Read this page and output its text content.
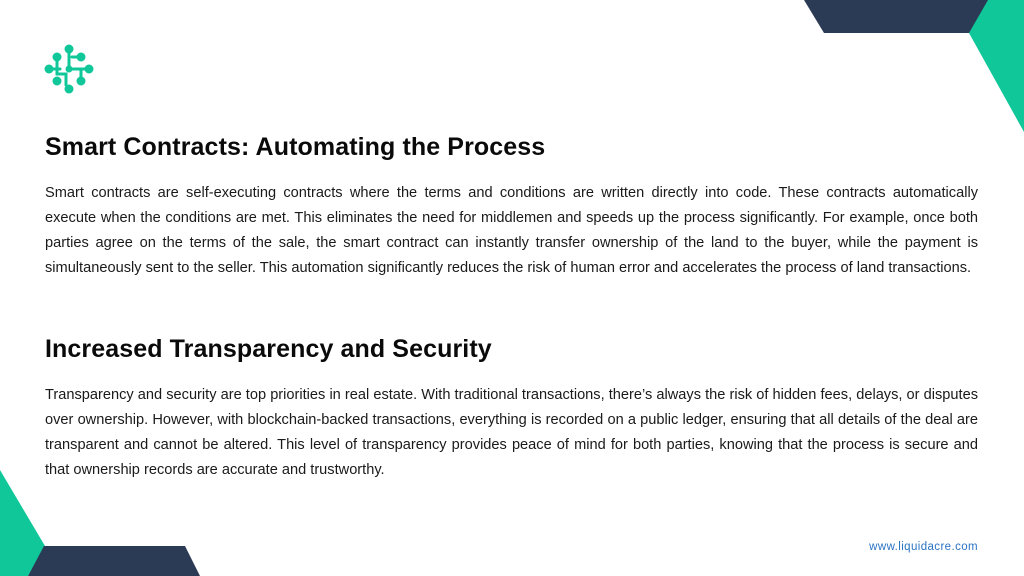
Smart Contracts: Automating the Process

Smart contracts are self-executing contracts where the terms and conditions are written directly into code. These contracts automatically execute when the conditions are met. This eliminates the need for middlemen and speeds up the process significantly. For example, once both parties agree on the terms of the sale, the smart contract can instantly transfer ownership of the land to the buyer, while the payment is simultaneously sent to the seller. This automation significantly reduces the risk of human error and accelerates the process of land transactions.

Increased Transparency and Security

Transparency and security are top priorities in real estate. With traditional transactions, there’s always the risk of hidden fees, delays, or disputes over ownership. However, with blockchain-backed transactions, everything is recorded on a public ledger, ensuring that all details of the deal are transparent and cannot be altered. This level of transparency provides peace of mind for both parties, knowing that the process is secure and that ownership records are accurate and trustworthy.

www.liquidacre.com
